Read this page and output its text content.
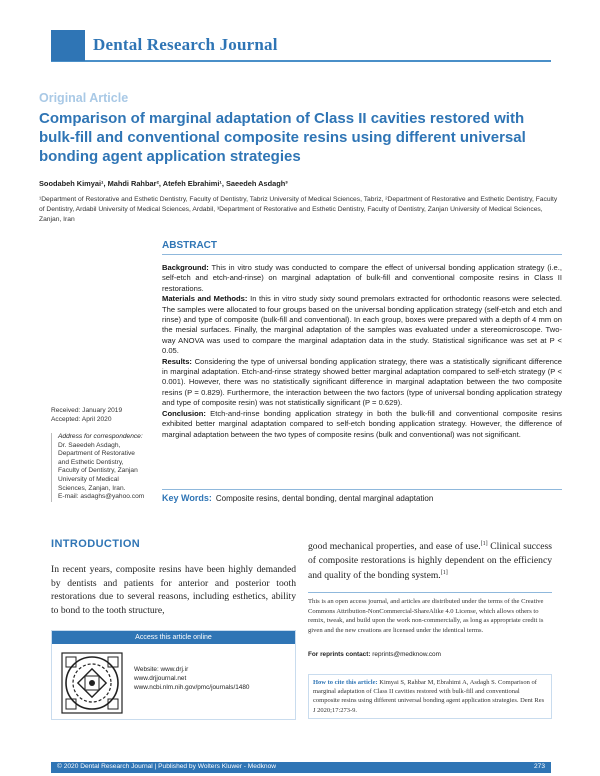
Dental Research Journal
Original Article
Comparison of marginal adaptation of Class II cavities restored with bulk-fill and conventional composite resins using different universal bonding agent application strategies
Soodabeh Kimyai¹, Mahdi Rahbar², Atefeh Ebrahimi¹, Saeedeh Asdagh³
¹Department of Restorative and Esthetic Dentistry, Faculty of Dentistry, Tabriz University of Medical Sciences, Tabriz, ²Department of Restorative and Esthetic Dentistry, Faculty of Dentistry, Ardabil University of Medical Sciences, Ardabil, ³Department of Restorative and Esthetic Dentistry, Faculty of Dentistry, Zanjan University of Medical Sciences, Zanjan, Iran
ABSTRACT

Background: This in vitro study was conducted to compare the effect of universal bonding application strategy (i.e., self-etch and etch-and-rinse) on marginal adaptation of bulk-fill and conventional composite resins in Class II restorations.

Materials and Methods: In this in vitro study sixty sound premolars extracted for orthodontic reasons were selected. The samples were allocated to four groups based on the universal bonding application strategy (self-etch and etch and rinse) and type of composite (bulk-fill and conventional). In each group, boxes were prepared with a depth of 4 mm on the mesial surfaces. Finally, the marginal adaptation of the samples was evaluated under a stereomicroscope. Two-way ANOVA was used to compare the marginal adaptation data in the study. Statistical significance was set at P < 0.05.

Results: Considering the type of universal bonding application strategy, there was a statistically significant difference in marginal adaptation. Etch-and-rinse strategy showed better marginal adaptation compared to self-etch strategy (P < 0.001). However, there was no statistically significant difference in marginal adaptation between the two composite resins (P = 0.829). Furthermore, the interaction between the two factors (type of universal bonding application strategy and type of composite resin) was not statistically significant (P = 0.629).

Conclusion: Etch-and-rinse bonding application strategy in both the bulk-fill and conventional composite resins exhibited better marginal adaptation compared to self-etch bonding application strategy. However, the difference of marginal adaptation between the two types of composite resins (bulk and conventional) was not significant.

Key Words: Composite resins, dental bonding, dental marginal adaptation
Received: January 2019
Accepted: April 2020
Address for correspondence:
Dr. Saeedeh Asdagh,
Department of Restorative
and Esthetic Dentistry,
Faculty of Dentistry, Zanjan
University of Medical
Sciences, Zanjan, Iran.
E-mail: asdaghs@yahoo.com
INTRODUCTION
In recent years, composite resins have been highly demanded by dentists and patients for anterior and posterior tooth restorations due to several reasons, including esthetics, ability to bond to the tooth structure,
good mechanical properties, and ease of use.[1] Clinical success of composite restorations is highly dependent on the efficiency and quality of the bonding system.[1]
Access this article online
Website: www.drj.ir
www.drjjournal.net
www.ncbi.nlm.nih.gov/pmc/journals/1480
This is an open access journal, and articles are distributed under the terms of the Creative Commons Attribution-NonCommercial-ShareAlike 4.0 License, which allows others to remix, tweak, and build upon the work non-commercially, as long as appropriate credit is given and the new creations are licensed under the identical terms.
For reprints contact: reprints@medknow.com
How to cite this article: Kimyai S, Rahbar M, Ebrahimi A, Asdagh S. Comparison of marginal adaptation of Class II cavities restored with bulk-fill and conventional composite resins using different universal bonding agent application strategies. Dent Res J 2020;17:273-9.
© 2020 Dental Research Journal | Published by Wolters Kluwer - Medknow	273
